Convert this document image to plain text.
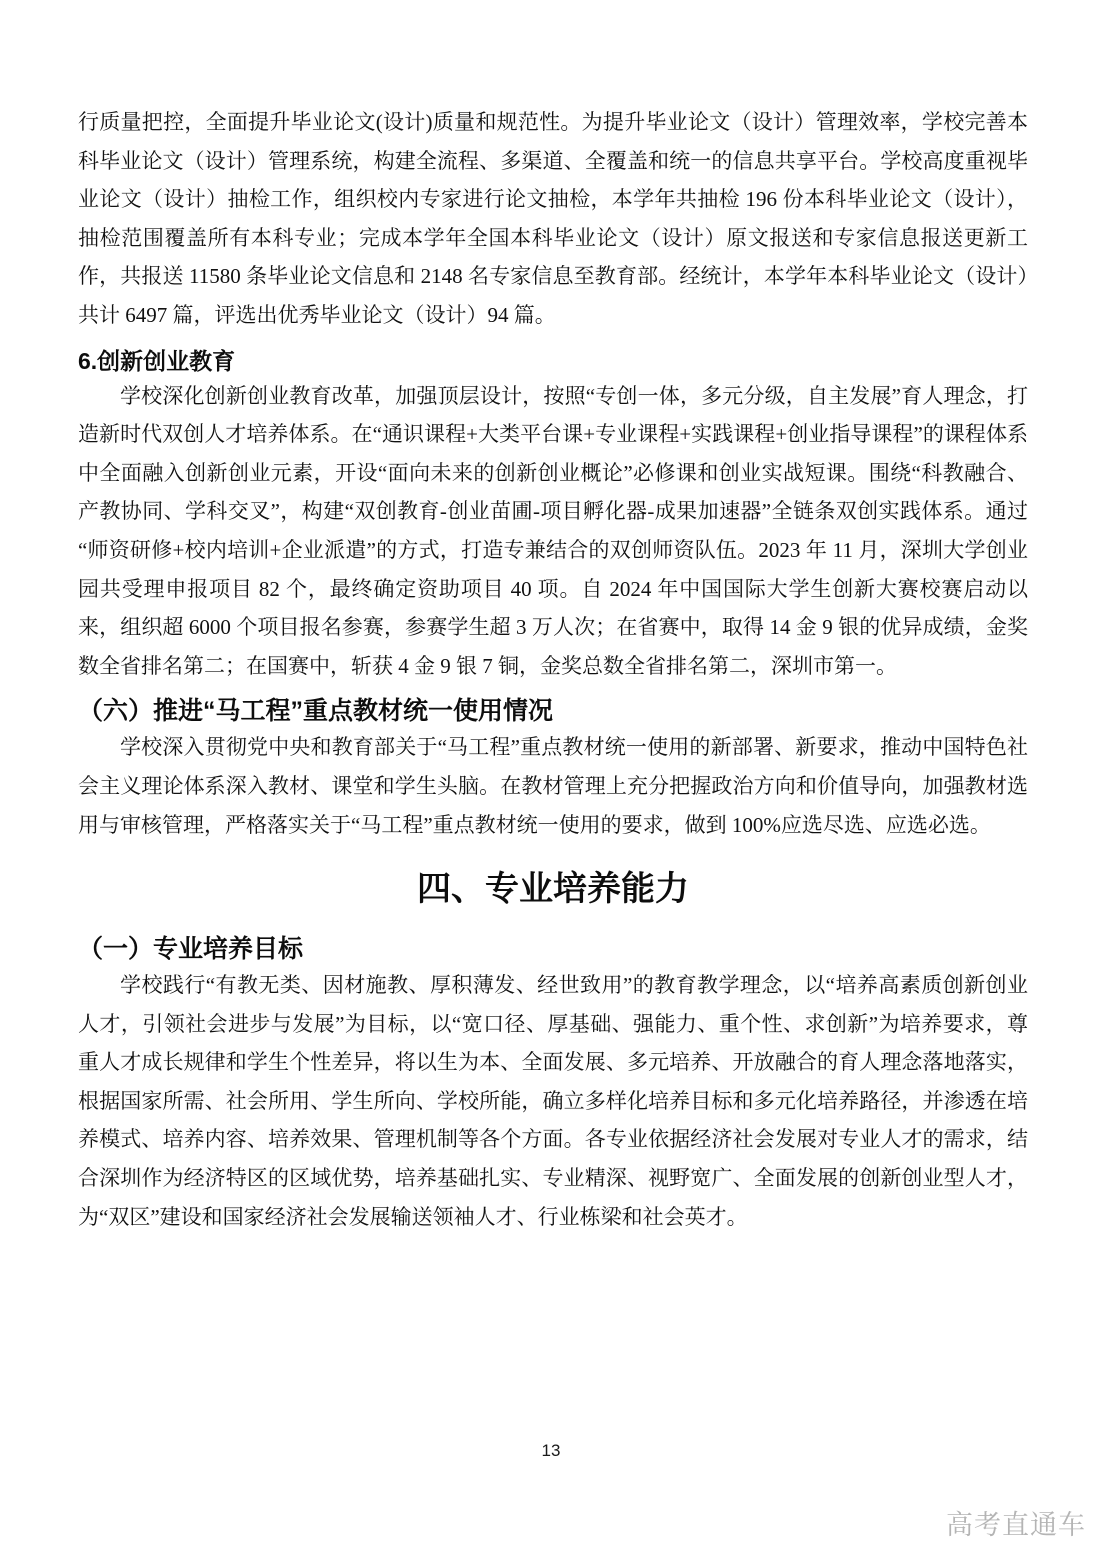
行质量把控，全面提升毕业论文(设计)质量和规范性。为提升毕业论文（设计）管理效率，学校完善本科毕业论文（设计）管理系统，构建全流程、多渠道、全覆盖和统一的信息共享平台。学校高度重视毕业论文（设计）抽检工作，组织校内专家进行论文抽检，本学年共抽检 196 份本科毕业论文（设计），抽检范围覆盖所有本科专业；完成本学年全国本科毕业论文（设计）原文报送和专家信息报送更新工作，共报送 11580 条毕业论文信息和 2148 名专家信息至教育部。经统计，本学年本科毕业论文（设计）共计 6497 篇，评选出优秀毕业论文（设计）94 篇。

6.创新创业教育

学校深化创新创业教育改革，加强顶层设计，按照“专创一体，多元分级，自主发展”育人理念，打造新时代双创人才培养体系。在“通识课程+大类平台课+专业课程+实践课程+创业指导课程”的课程体系中全面融入创新创业元素，开设“面向未来的创新创业概论”必修课和创业实战短课。围绕“科教融合、产教协同、学科交叉”，构建“双创教育-创业苗圃-项目孵化器-成果加速器”全链条双创实践体系。通过“师资研修+校内培训+企业派遣”的方式，打造专兼结合的双创师资队伍。2023 年 11 月，深圳大学创业园共受理申报项目 82 个，最终确定资助项目 40 项。自 2024 年中国国际大学生创新大赛校赛启动以来，组织超 6000 个项目报名参赛，参赛学生超 3 万人次；在省赛中，取得 14 金 9 银的优异成绩，金奖数全省排名第二；在国赛中，斩获 4 金 9 银 7 铜，金奖总数全省排名第二，深圳市第一。

（六）推进“马工程”重点教材统一使用情况

学校深入贯彻党中央和教育部关于“马工程”重点教材统一使用的新部署、新要求，推动中国特色社会主义理论体系深入教材、课堂和学生头脑。在教材管理上充分把握政治方向和价值导向，加强教材选用与审核管理，严格落实关于“马工程”重点教材统一使用的要求，做到 100%应选尽选、应选必选。

四、专业培养能力
（一）专业培养目标

学校践行“有教无类、因材施教、厚积薄发、经世致用”的教育教学理念，以“培养高素质创新创业人才，引领社会进步与发展”为目标，以“宽口径、厚基础、强能力、重个性、求创新”为培养要求，尊重人才成长规律和学生个性差异，将以生为本、全面发展、多元培养、开放融合的育人理念落地落实，根据国家所需、社会所用、学生所向、学校所能，确立多样化培养目标和多元化培养路径，并渗透在培养模式、培养内容、培养效果、管理机制等各个方面。各专业依据经济社会发展对专业人才的需求，结合深圳作为经济特区的区域优势，培养基础扎实、专业精深、视野宽广、全面发展的创新创业型人才，为“双区”建设和国家经济社会发展输送领袖人才、行业栋梁和社会英才。

13
高考直通车
